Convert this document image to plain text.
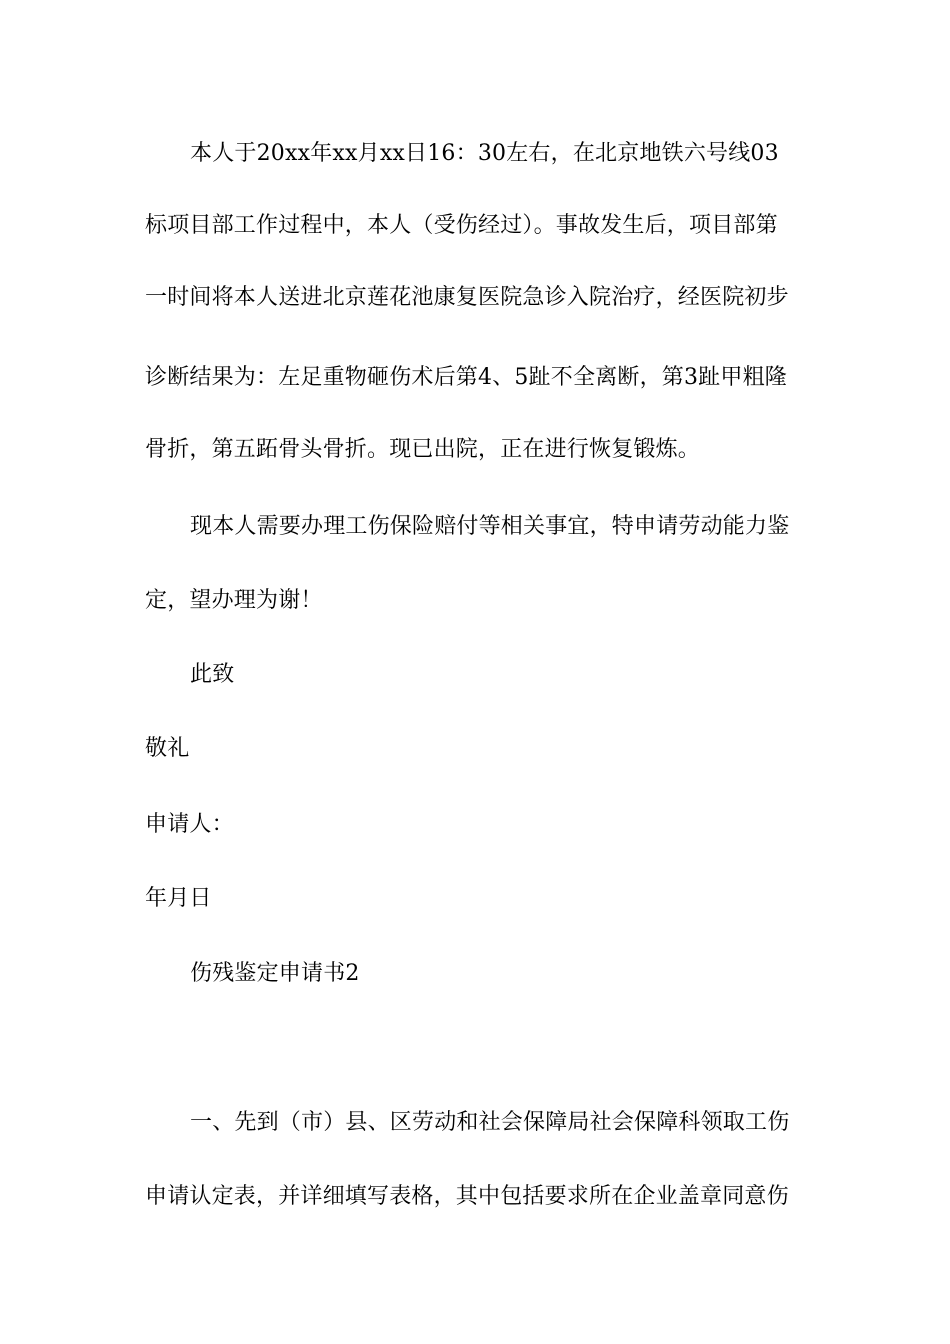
本人于20xx年xx月xx日16：30左右，在北京地铁六号线03
标项目部工作过程中，本人（受伤经过）。事故发生后，项目部第
一时间将本人送进北京莲花池康复医院急诊入院治疗，经医院初步
诊断结果为：左足重物砸伤术后第4、5趾不全离断，第3趾甲粗隆
骨折，第五跖骨头骨折。现已出院，正在进行恢复锻炼。
现本人需要办理工伤保险赔付等相关事宜，特申请劳动能力鉴
定，望办理为谢！
此致
敬礼
申请人：
年月日
伤残鉴定申请书2
一、先到（市）县、区劳动和社会保障局社会保障科领取工伤
申请认定表，并详细填写表格，其中包括要求所在企业盖章同意伤
